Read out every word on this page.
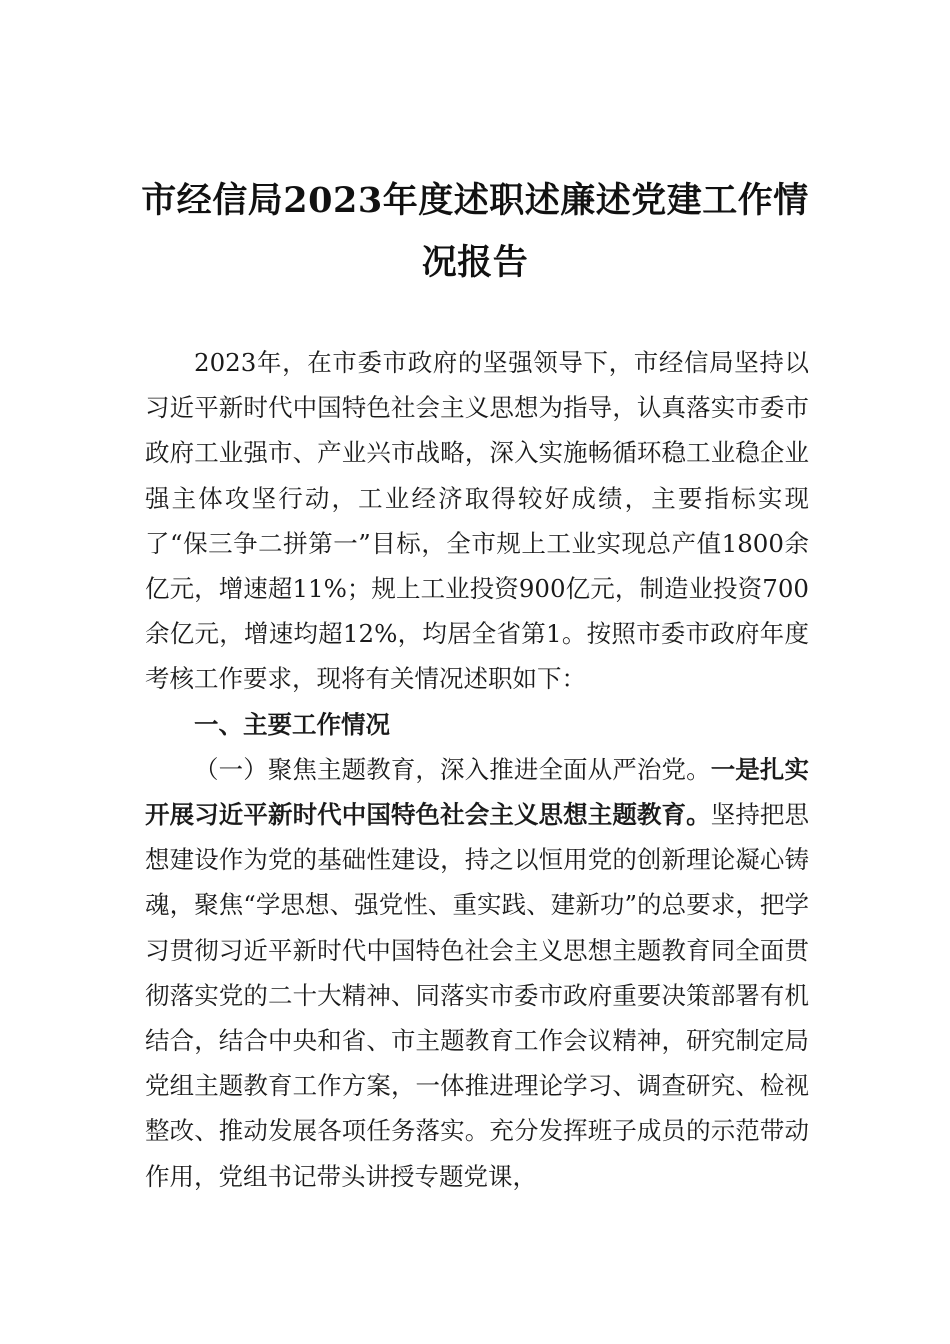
市经信局2023年度述职述廉述党建工作情况报告

2023年，在市委市政府的坚强领导下，市经信局坚持以习近平新时代中国特色社会主义思想为指导，认真落实市委市政府工业强市、产业兴市战略，深入实施畅循环稳工业稳企业强主体攻坚行动，工业经济取得较好成绩，主要指标实现了“保三争二拼第一”目标，全市规上工业实现总产值1800余亿元，增速超11%；规上工业投资900亿元，制造业投资700余亿元，增速均超12%，均居全省第1。按照市委市政府年度考核工作要求，现将有关情况述职如下：

一、主要工作情况

（一）聚焦主题教育，深入推进全面从严治党。一是扎实开展习近平新时代中国特色社会主义思想主题教育。坚持把思想建设作为党的基础性建设，持之以恒用党的创新理论凝心铸魂，聚焦“学思想、强党性、重实践、建新功”的总要求，把学习贯彻习近平新时代中国特色社会主义思想主题教育同全面贯彻落实党的二十大精神、同落实市委市政府重要决策部署有机结合，结合中央和省、市主题教育工作会议精神，研究制定局党组主题教育工作方案，一体推进理论学习、调查研究、检视整改、推动发展各项任务落实。充分发挥班子成员的示范带动作用，党组书记带头讲授专题党课，
